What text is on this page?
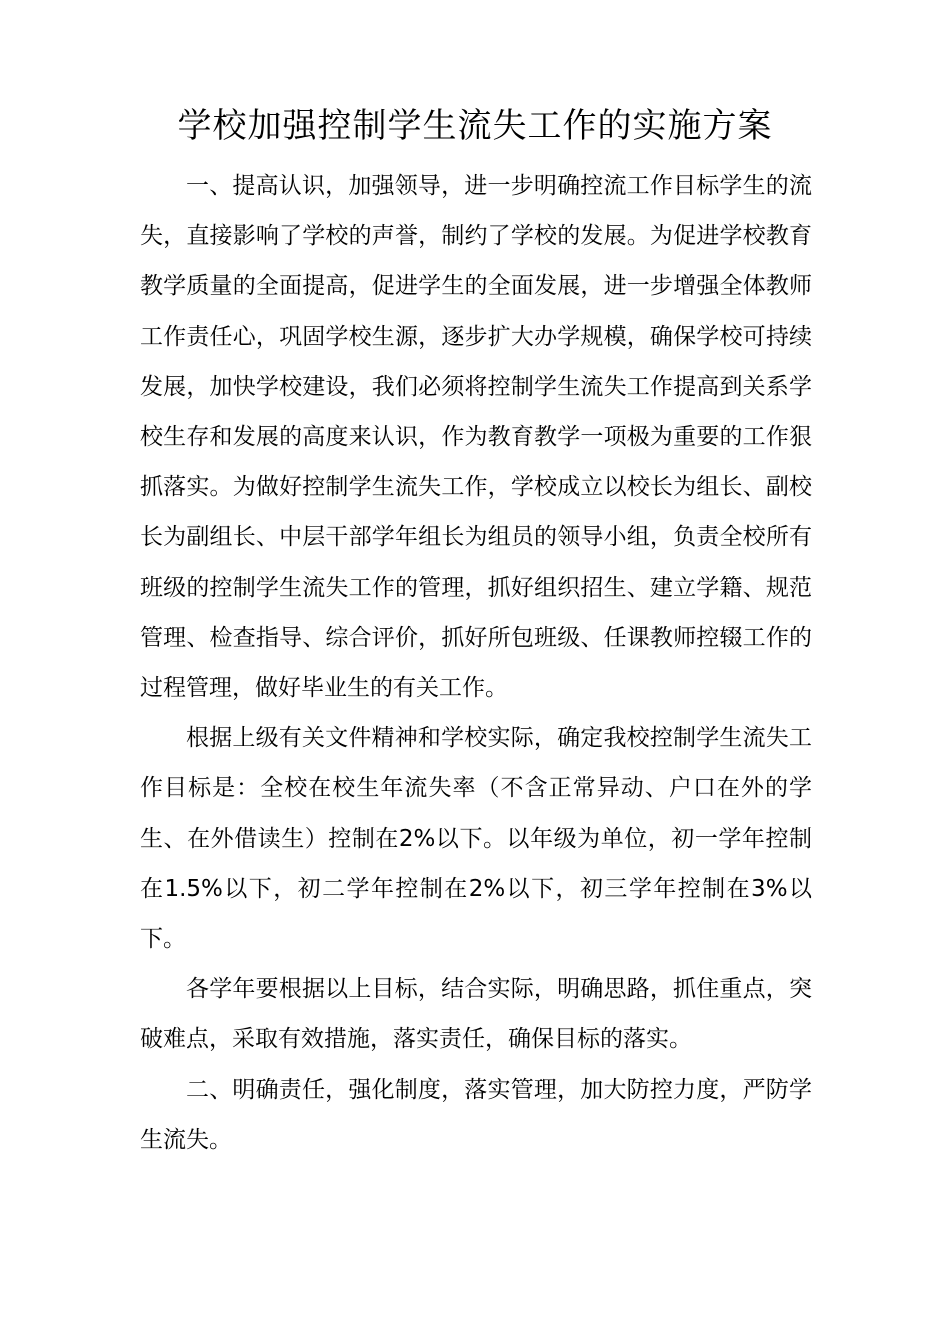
学校加强控制学生流失工作的实施方案

一、提高认识，加强领导，进一步明确控流工作目标学生的流失，直接影响了学校的声誉，制约了学校的发展。为促进学校教育教学质量的全面提高，促进学生的全面发展，进一步增强全体教师工作责任心，巩固学校生源，逐步扩大办学规模，确保学校可持续发展，加快学校建设，我们必须将控制学生流失工作提高到关系学校生存和发展的高度来认识，作为教育教学一项极为重要的工作狠抓落实。为做好控制学生流失工作，学校成立以校长为组长、副校长为副组长、中层干部学年组长为组员的领导小组，负责全校所有班级的控制学生流失工作的管理，抓好组织招生、建立学籍、规范管理、检查指导、综合评价，抓好所包班级、任课教师控辍工作的过程管理，做好毕业生的有关工作。

根据上级有关文件精神和学校实际，确定我校控制学生流失工作目标是：全校在校生年流失率（不含正常异动、户口在外的学生、在外借读生）控制在2%以下。以年级为单位，初一学年控制在1.5%以下，初二学年控制在2%以下，初三学年控制在3%以下。

各学年要根据以上目标，结合实际，明确思路，抓住重点，突破难点，采取有效措施，落实责任，确保目标的落实。

二、明确责任，强化制度，落实管理，加大防控力度，严防学生流失。
